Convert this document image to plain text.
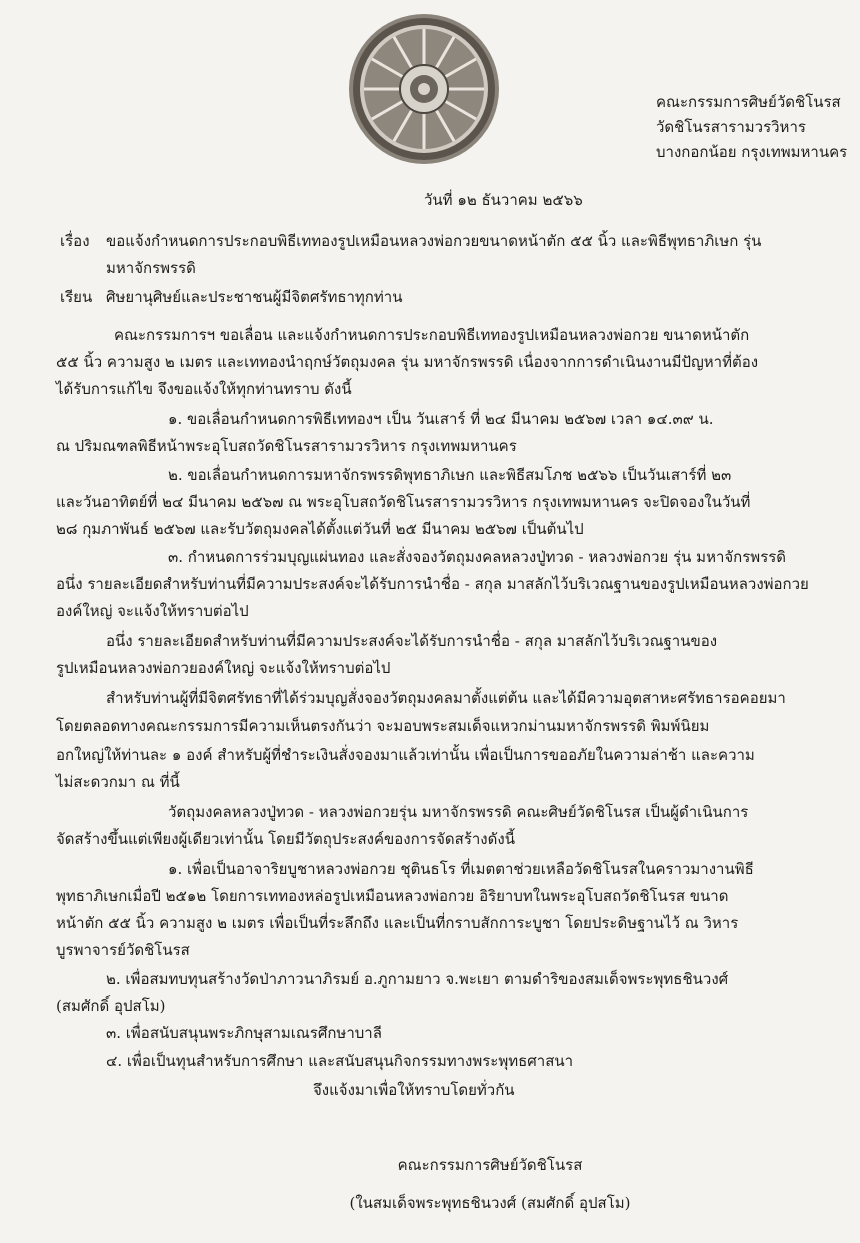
คณะกรรมการศิษย์วัดชิโนรส
วัดชิโนรสารามวรวิหาร
บางกอกน้อย กรุงเทพมหานคร
วันที่ ๑๒ ธันวาคม ๒๕๖๖
เรื่อง ขอแจ้งกำหนดการประกอบพิธีเททองรูปเหมือนหลวงพ่อกวยขนาดหน้าตัก ๕๕ นิ้ว และพิธีพุทธาภิเษก รุ่น
มหาจักรพรรดิ
เรียน ศิษยานุศิษย์และประชาชนผู้มีจิตศรัทธาทุกท่าน
คณะกรรมการฯ ขอเลื่อน และแจ้งกำหนดการประกอบพิธีเททองรูปเหมือนหลวงพ่อกวย ขนาดหน้าตัก
๕๕ นิ้ว ความสูง ๒ เมตร และเททองนำฤกษ์วัตถุมงคล รุ่น มหาจักรพรรดิ เนื่องจากการดำเนินงานมีปัญหาที่ต้อง
ได้รับการแก้ไข จึงขอแจ้งให้ทุกท่านทราบ ดังนี้
๑. ขอเลื่อนกำหนดการพิธีเททองฯ เป็น วันเสาร์ ที่ ๒๔ มีนาคม ๒๕๖๗ เวลา ๑๔.๓๙ น.
ณ ปริมณฑลพิธีหน้าพระอุโบสถวัดชิโนรสารามวรวิหาร กรุงเทพมหานคร
๒. ขอเลื่อนกำหนดการมหาจักรพรรดิพุทธาภิเษก และพิธีสมโภช ๒๕๖๖ เป็นวันเสาร์ที่ ๒๓
และวันอาทิตย์ที่ ๒๔ มีนาคม ๒๕๖๗ ณ พระอุโบสถวัดชิโนรสารามวรวิหาร กรุงเทพมหานคร จะปิดจองในวันที่
๒๘ กุมภาพันธ์ ๒๕๖๗ และรับวัตถุมงคลได้ตั้งแต่วันที่ ๒๕ มีนาคม ๒๕๖๗ เป็นต้นไป
๓. กำหนดการร่วมบุญแผ่นทอง และสั่งจองวัตถุมงคลหลวงปู่ทวด - หลวงพ่อกวย รุ่น มหาจักรพรรดิ
อนึ่ง รายละเอียดสำหรับท่านที่มีความประสงค์จะได้รับการนำชื่อ - สกุล มาสลักไว้บริเวณฐานของรูปเหมือนหลวงพ่อกวย
องค์ใหญ่ จะแจ้งให้ทราบต่อไป
อนึ่ง รายละเอียดสำหรับท่านที่มีความประสงค์จะได้รับการนำชื่อ - สกุล มาสลักไว้บริเวณฐานของ
รูปเหมือนหลวงพ่อกวยองค์ใหญ่ จะแจ้งให้ทราบต่อไป
สำหรับท่านผู้ที่มีจิตศรัทธาที่ได้ร่วมบุญสั่งจองวัตถุมงคลมาตั้งแต่ต้น และได้มีความอุตสาหะศรัทธารอคอยมา
โดยตลอดทางคณะกรรมการมีความเห็นตรงกันว่า จะมอบพระสมเด็จแหวกม่านมหาจักรพรรดิ พิมพ์นิยม
อกใหญ่ให้ท่านละ ๑ องค์ สำหรับผู้ที่ชำระเงินสั่งจองมาแล้วเท่านั้น เพื่อเป็นการขออภัยในความล่าช้า และความ
ไม่สะดวกมา ณ ที่นี้
วัตถุมงคลหลวงปู่ทวด - หลวงพ่อกวยรุ่น มหาจักรพรรดิ คณะศิษย์วัดชิโนรส เป็นผู้ดำเนินการ
จัดสร้างขึ้นแต่เพียงผู้เดียวเท่านั้น โดยมีวัตถุประสงค์ของการจัดสร้างดังนี้
๑. เพื่อเป็นอาจาริยบูชาหลวงพ่อกวย ชุตินธโร ที่เมตตาช่วยเหลือวัดชิโนรสในคราวมางานพิธี
พุทธาภิเษกเมื่อปี ๒๕๑๒ โดยการเททองหล่อรูปเหมือนหลวงพ่อกวย อิริยาบทในพระอุโบสถวัดชิโนรส ขนาด
หน้าตัก ๕๕ นิ้ว ความสูง ๒ เมตร เพื่อเป็นที่ระลึกถึง และเป็นที่กราบสักการะบูชา โดยประดิษฐานไว้ ณ วิหาร
บูรพาจารย์วัดชิโนรส
๒. เพื่อสมทบทุนสร้างวัดป่าภาวนาภิรมย์ อ.ภูกามยาว จ.พะเยา ตามดำริของสมเด็จพระพุทธชินวงศ์
(สมศักดิ์ อุปสโม)
๓. เพื่อสนับสนุนพระภิกษุสามเณรศึกษาบาลี
๔. เพื่อเป็นทุนสำหรับการศึกษา และสนับสนุนกิจกรรมทางพระพุทธศาสนา
จึงแจ้งมาเพื่อให้ทราบโดยทั่วกัน
คณะกรรมการศิษย์วัดชิโนรส
(ในสมเด็จพระพุทธชินวงศ์ (สมศักดิ์ อุปสโม)
